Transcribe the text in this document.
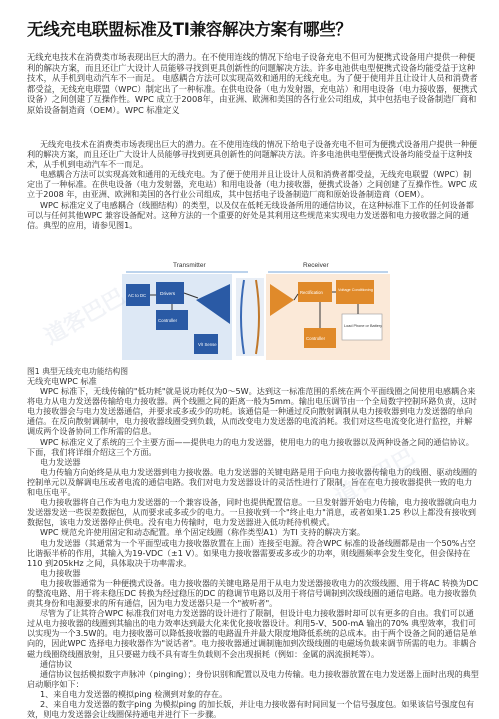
无线充电联盟标准及TI兼容解决方案有哪些？

无线充电技术在消费类市场表现出巨大的潜力。在不使用连线的情况下给电子设备充电不但可为便携式设备用户提供一种便利的解决方案，而且还让广大设计人员能够寻找到更具创新性的问题解决方法。许多电池供电型便携式设备均能受益于这种技术，从手机到电动汽车不一而足。 电感耦合方法可以实现高效和通用的无线充电。为了便于使用并且让设计人员和消费者都受益，无线充电联盟（WPC）制定出了一种标准。在供电设备（电力发射器，充电站）和用电设备（电力接收器，便携式设备）之间创建了互操作性。WPC 成立于2008年，由亚洲、欧洲和美国的各行业公司组成，其中包括电子设备制造厂商和原始设备制造商（OEM）。WPC 标准定义

无线充电技术在消费类市场表现出巨大的潜力。在不使用连线的情况下给电子设备充电不但可为便携式设备用户提供一种便利的解决方案，而且还让广大设计人员能够寻找到更具创新性的问题解决方法。许多电池供电型便携式设备均能受益于这种技术，从手机到电动汽车不一而足。

电感耦合方法可以实现高效和通用的无线充电。为了便于使用并且让设计人员和消费者都受益，无线充电联盟（WPC）制定出了一种标准。在供电设备（电力发射器，充电站）和用电设备（电力接收器，便携式设备）之间创建了互操作性。WPC 成立于2008 年，由亚洲、欧洲和美国的各行业公司组成，其中包括电子设备制造厂商和原始设备制造商（OEM）。

WPC 标准定义了电感耦合（线圈结构）的类型，以及仅在低耗无线设备所用的通信协议，在这种标准下工作的任何设备都可以与任何其他WPC 兼容设备配对。这种方法的一个重要的好处是其利用这些规范来实现电力发送器和电力接收器之间的通信。典型的应用，请参见图1。

Transmitter	Receiver
AC to DC	Drivers
Controller
V/I Sense
Rectification	Voltage Conditioning
Load Phone or Battery
Controller
图1 典型无线充电功能结构图

无线充电WPC 标准

WPC 标准下，无线传输的"低功耗"就是说功耗仅为0～5W。达到这一标准范围的系统在两个平面线圈之间使用电感耦合来将电力从电力发送器传输给电力接收器。两个线圈之间的距离一般为5mm。输出电压调节由一个全局数字控制环路负责，这时电力接收器会与电力发送器通信，并要求或多或少的功耗。该通信是一种通过反向散射调制从电力接收器到电力发送器的单向通信。在反向散射调制中，电力接收器线圈受到负载，从而改变电力发送器的电流消耗。我们对这些电流变化进行监控，并解调成两个设备协同工作所需的信息。

WPC 标准定义了系统的三个主要方面——提供电力的电力发送器，使用电力的电力接收器以及两种设备之间的通信协议。下面，我们将详细介绍这三个方面。

电力发送器

电力传输方向始终是从电力发送器到电力接收器。电力发送器的关键电路是用于向电力接收器传输电力的线圈、驱动线圈的控制单元以及解调电压或者电流的通信电路。我们对电力发送器设计的灵活性进行了限制，旨在在电力接收器提供一致的电力和电压电平。

电力接收器将自己作为电力发送器的一个兼容设备，同时也提供配置信息。一旦发射器开始电力传输，电力接收器就向电力发送器发送一些误差数据包，从而要求或多或少的电力。一旦接收到一个"终止电力"消息，或者如果1.25 秒以上都没有接收到数据包，该电力发送器停止供电。没有电力传输时，电力发送器进入低功耗待机模式。

WPC 规范允许使用固定和动态配置。单个固定线圈（称作类型A1）为TI 支持的解决方案。

电力发送器（其通常为一个平面型或电力接收器放置在上面）连接至电源。符合WPC 标准的设备线圈都是由一个50%占空比谐振半桥的作用，其输入为19-VDC（±1 V）。如果电力接收器需要或多或少的功率，则线圈频率会发生变化，但会保持在110 到205kHz 之间，具体取决于功率需求。

电力接收器

电力接收器通常为一种便携式设备。电力接收器的关键电路是用于从电力发送器接收电力的次级线圈、用于将AC 转换为DC 的整流电路、用于将未稳压DC 转换为经过稳压的DC 的稳调节电路以及用于将信号调制到次级线圈的通信电路。电力接收器负责其身份和电源要求的所有通信，因为电力发送器只是一个"被听者"。

尽管为了让其符合WPC 标准我们对电力发送器的设计进行了限制，但设计电力接收器时却可以有更多的自由。我们可以通过从电力接收器的线圈到其输出的电力效率达到最大化来优化接收器设计。利用5-V、500-mA 输出的70% 典型效率，我们可以实现为一个3.5W的。电力接收器可以降低接收器的电路温升并最大限度地降低系统的总成本。由于两个设备之间的通信是单向的，因此WPC 选择电力接收器作为"说话者"。电力接收器通过调制施加到次级线圈的电磁场负载来调节所需的电力。非耦合磁力线圈绕线圈放射，且只要磁力线不具有寄生负载则不会出现损耗（例如：金属的涡流损耗等）。

通信协议

通信协议包括模拟数字声脉冲（pinging）；身份识别和配置以及电力传输。电力接收器放置在电力发送器上面时出现的典型启动顺序如下：

1、来自电力发送器的模拟ping 检测到对象的存在。

2、来自电力发送器的数字ping 为模拟ping 的加长版，并让电力接收器有时间回复一个信号强度包。如果该信号强度包有效，则电力发送器会让线圈保持通电并进行下一步骤。

道客巴巴
道客巴巴
